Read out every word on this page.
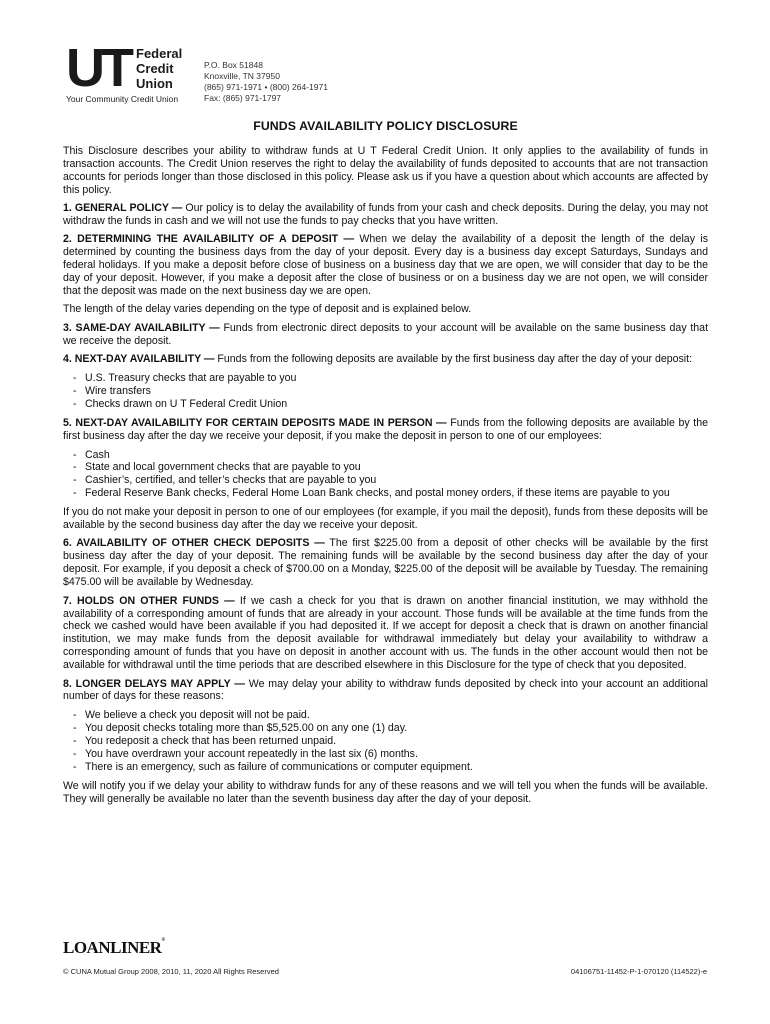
UT Federal
Credit
Union
Your Community Credit Union
P.O. Box 51848
Knoxville, TN 37950
(865) 971-1971 • (800) 264-1971
Fax: (865) 971-1797
FUNDS AVAILABILITY POLICY DISCLOSURE

This Disclosure describes your ability to withdraw funds at U T Federal Credit Union. It only applies to the availability of funds in transaction accounts. The Credit Union reserves the right to delay the availability of funds deposited to accounts that are not transaction accounts for periods longer than those disclosed in this policy. Please ask us if you have a question about which accounts are affected by this policy.

1. GENERAL POLICY — Our policy is to delay the availability of funds from your cash and check deposits. During the delay, you may not withdraw the funds in cash and we will not use the funds to pay checks that you have written.

2. DETERMINING THE AVAILABILITY OF A DEPOSIT — When we delay the availability of a deposit the length of the delay is determined by counting the business days from the day of your deposit. Every day is a business day except Saturdays, Sundays and federal holidays. If you make a deposit before close of business on a business day that we are open, we will consider that day to be the day of your deposit. However, if you make a deposit after the close of business or on a business day we are not open, we will consider that the deposit was made on the next business day we are open.

The length of the delay varies depending on the type of deposit and is explained below.

3. SAME-DAY AVAILABILITY — Funds from electronic direct deposits to your account will be available on the same business day that we receive the deposit.

4. NEXT-DAY AVAILABILITY — Funds from the following deposits are available by the first business day after the day of your deposit:

- U.S. Treasury checks that are payable to you
- Wire transfers
- Checks drawn on U T Federal Credit Union

5. NEXT-DAY AVAILABILITY FOR CERTAIN DEPOSITS MADE IN PERSON — Funds from the following deposits are available by the first business day after the day we receive your deposit, if you make the deposit in person to one of our employees:

- Cash
- State and local government checks that are payable to you
- Cashier’s, certified, and teller’s checks that are payable to you
- Federal Reserve Bank checks, Federal Home Loan Bank checks, and postal money orders, if these items are payable to you

If you do not make your deposit in person to one of our employees (for example, if you mail the deposit), funds from these deposits will be available by the second business day after the day we receive your deposit.

6. AVAILABILITY OF OTHER CHECK DEPOSITS — The first $225.00 from a deposit of other checks will be available by the first business day after the day of your deposit. The remaining funds will be available by the second business day after the day of your deposit. For example, if you deposit a check of $700.00 on a Monday, $225.00 of the deposit will be available by Tuesday. The remaining $475.00 will be available by Wednesday.

7. HOLDS ON OTHER FUNDS — If we cash a check for you that is drawn on another financial institution, we may withhold the availability of a corresponding amount of funds that are already in your account. Those funds will be available at the time funds from the check we cashed would have been available if you had deposited it. If we accept for deposit a check that is drawn on another financial institution, we may make funds from the deposit available for withdrawal immediately but delay your availability to withdraw a corresponding amount of funds that you have on deposit in another account with us. The funds in the other account would then not be available for withdrawal until the time periods that are described elsewhere in this Disclosure for the type of check that you deposited.

8. LONGER DELAYS MAY APPLY — We may delay your ability to withdraw funds deposited by check into your account an additional number of days for these reasons:

- We believe a check you deposit will not be paid.
- You deposit checks totaling more than $5,525.00 on any one (1) day.
- You redeposit a check that has been returned unpaid.
- You have overdrawn your account repeatedly in the last six (6) months.
- There is an emergency, such as failure of communications or computer equipment.

We will notify you if we delay your ability to withdraw funds for any of these reasons and we will tell you when the funds will be available. They will generally be available no later than the seventh business day after the day of your deposit.

LOANLINER®
© CUNA Mutual Group 2008, 2010, 11, 2020 All Rights Reserved	04106751-11452-P-1-070120 (114522)-e
